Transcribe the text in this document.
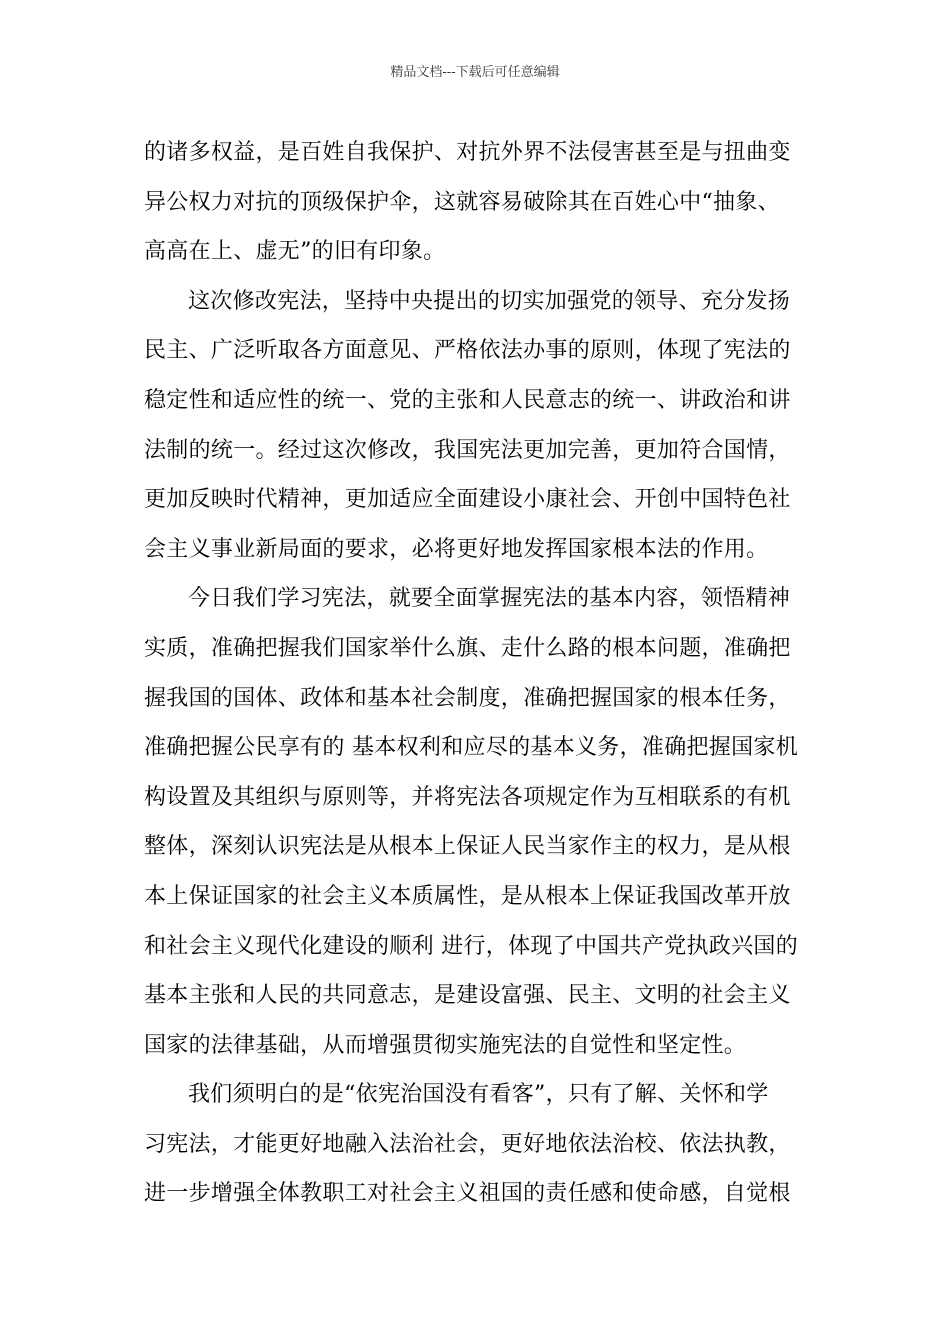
精品文档---下载后可任意编辑
的诸多权益，是百姓自我保护、对抗外界不法侵害甚至是与扭曲变
异公权力对抗的顶级保护伞，这就容易破除其在百姓心中“抽象、
高高在上、虚无”的旧有印象。
这次修改宪法，坚持中央提出的切实加强党的领导、充分发扬
民主、广泛听取各方面意见、严格依法办事的原则，体现了宪法的
稳定性和适应性的统一、党的主张和人民意志的统一、讲政治和讲
法制的统一。经过这次修改，我国宪法更加完善，更加符合国情，
更加反映时代精神，更加适应全面建设小康社会、开创中国特色社
会主义事业新局面的要求，必将更好地发挥国家根本法的作用。
今日我们学习宪法，就要全面掌握宪法的基本内容，领悟精神
实质，准确把握我们国家举什么旗、走什么路的根本问题，准确把
握我国的国体、政体和基本社会制度，准确把握国家的根本任务，
准确把握公民享有的 基本权利和应尽的基本义务，准确把握国家机
构设置及其组织与原则等，并将宪法各项规定作为互相联系的有机
整体，深刻认识宪法是从根本上保证人民当家作主的权力，是从根
本上保证国家的社会主义本质属性，是从根本上保证我国改革开放
和社会主义现代化建设的顺利 进行，体现了中国共产党执政兴国的
基本主张和人民的共同意志，是建设富强、民主、文明的社会主义
国家的法律基础，从而增强贯彻实施宪法的自觉性和坚定性。
我们须明白的是“依宪治国没有看客”，只有了解、关怀和学
习宪法，才能更好地融入法治社会，更好地依法治校、依法执教，
进一步增强全体教职工对社会主义祖国的责任感和使命感，自觉根
